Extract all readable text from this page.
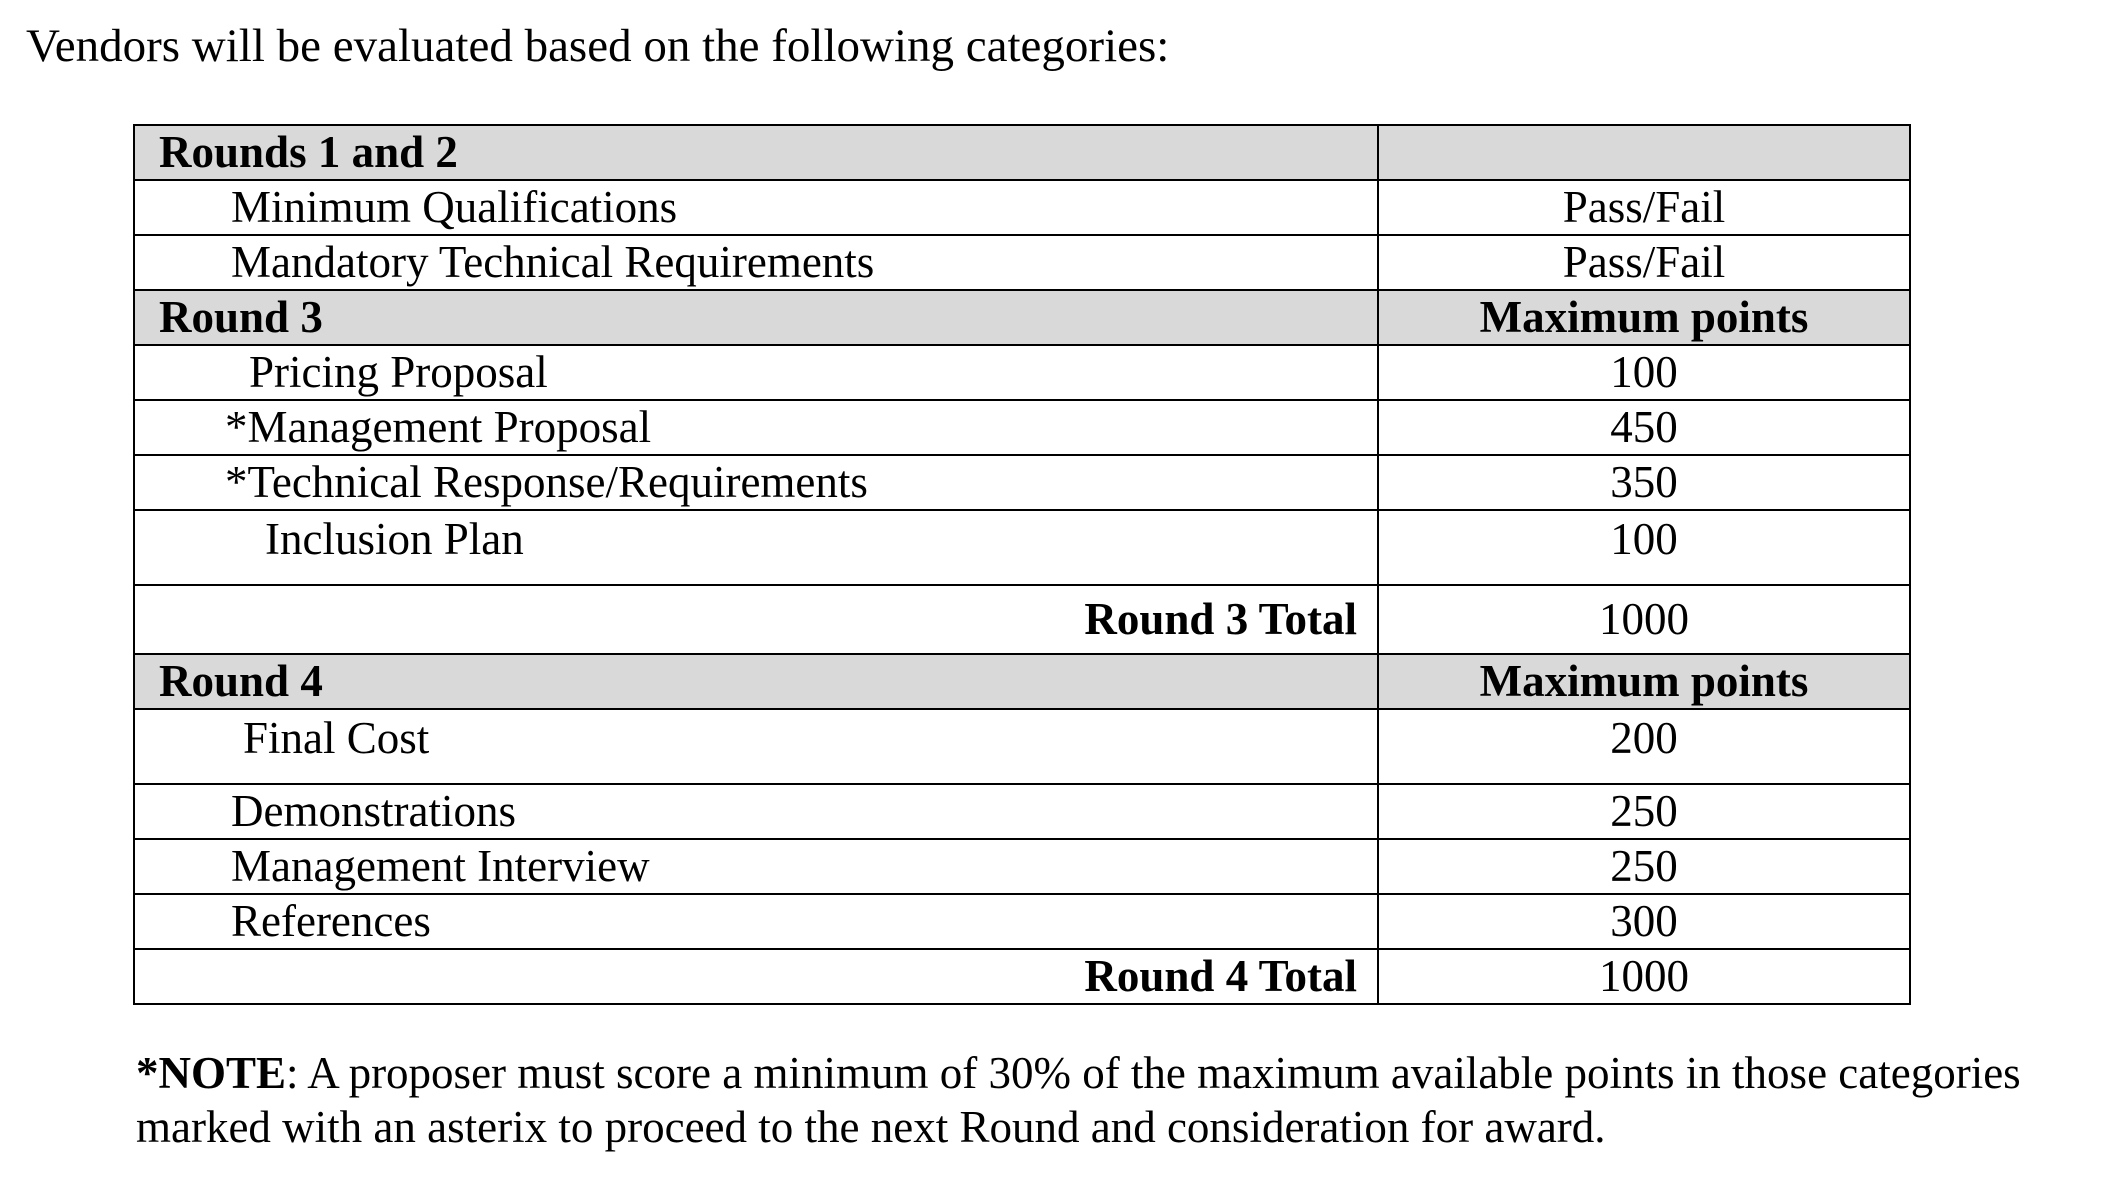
Vendors will be evaluated based on the following categories:

Rounds 1 and 2	
Minimum Qualifications	Pass/Fail
Mandatory Technical Requirements	Pass/Fail
Round 3	Maximum points
Pricing Proposal	100
*Management Proposal	450
*Technical Response/Requirements	350
Inclusion Plan	100
Round 3 Total	1000
Round 4	Maximum points
Final Cost	200
Demonstrations	250
Management Interview	250
References	300
Round 4 Total	1000

*NOTE: A proposer must score a minimum of 30% of the maximum available points in those categories marked with an asterix to proceed to the next Round and consideration for award.
